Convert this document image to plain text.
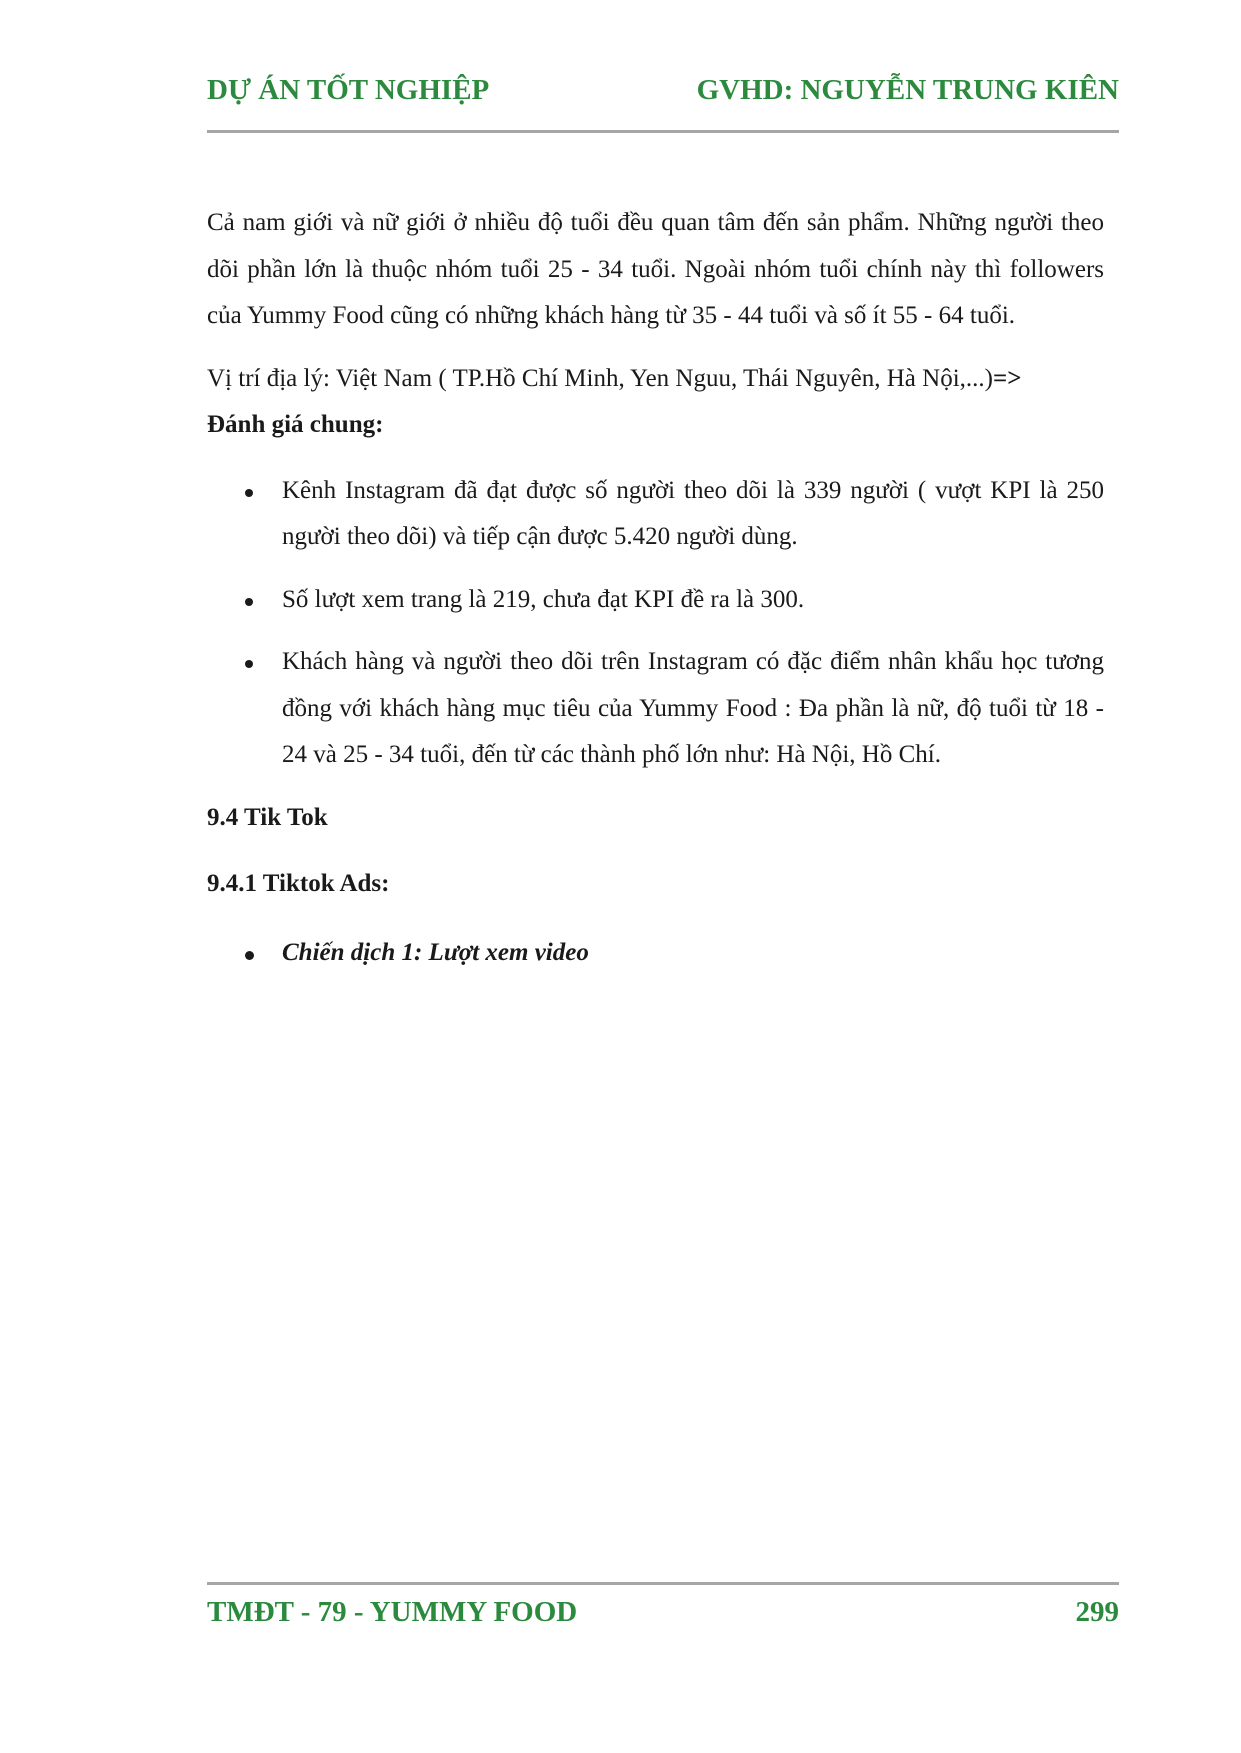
DỰ ÁN TỐT NGHIỆP	GVHD: NGUYỄN TRUNG KIÊN

Cả nam giới và nữ giới ở nhiều độ tuổi đều quan tâm đến sản phẩm. Những người theo dõi phần lớn là thuộc nhóm tuổi 25 - 34 tuổi. Ngoài nhóm tuổi chính này thì followers của Yummy Food cũng có những khách hàng từ 35 - 44 tuổi và số ít 55 - 64 tuổi.

Vị trí địa lý: Việt Nam ( TP.Hồ Chí Minh, Yen Nguu, Thái Nguyên, Hà Nội,...)=>
Đánh giá chung:

Kênh Instagram đã đạt được số người theo dõi là 339 người ( vượt KPI là 250 người theo dõi) và tiếp cận được 5.420 người dùng.
Số lượt xem trang là 219, chưa đạt KPI đề ra là 300.
Khách hàng và người theo dõi trên Instagram có đặc điểm nhân khẩu học tương đồng với khách hàng mục tiêu của Yummy Food : Đa phần là nữ, độ tuổi từ 18 - 24 và 25 - 34 tuổi, đến từ các thành phố lớn như: Hà Nội, Hồ Chí.

9.4 Tik Tok

9.4.1 Tiktok Ads:

Chiến dịch 1: Lượt xem video
TMĐT - 79 - YUMMY FOOD	299
